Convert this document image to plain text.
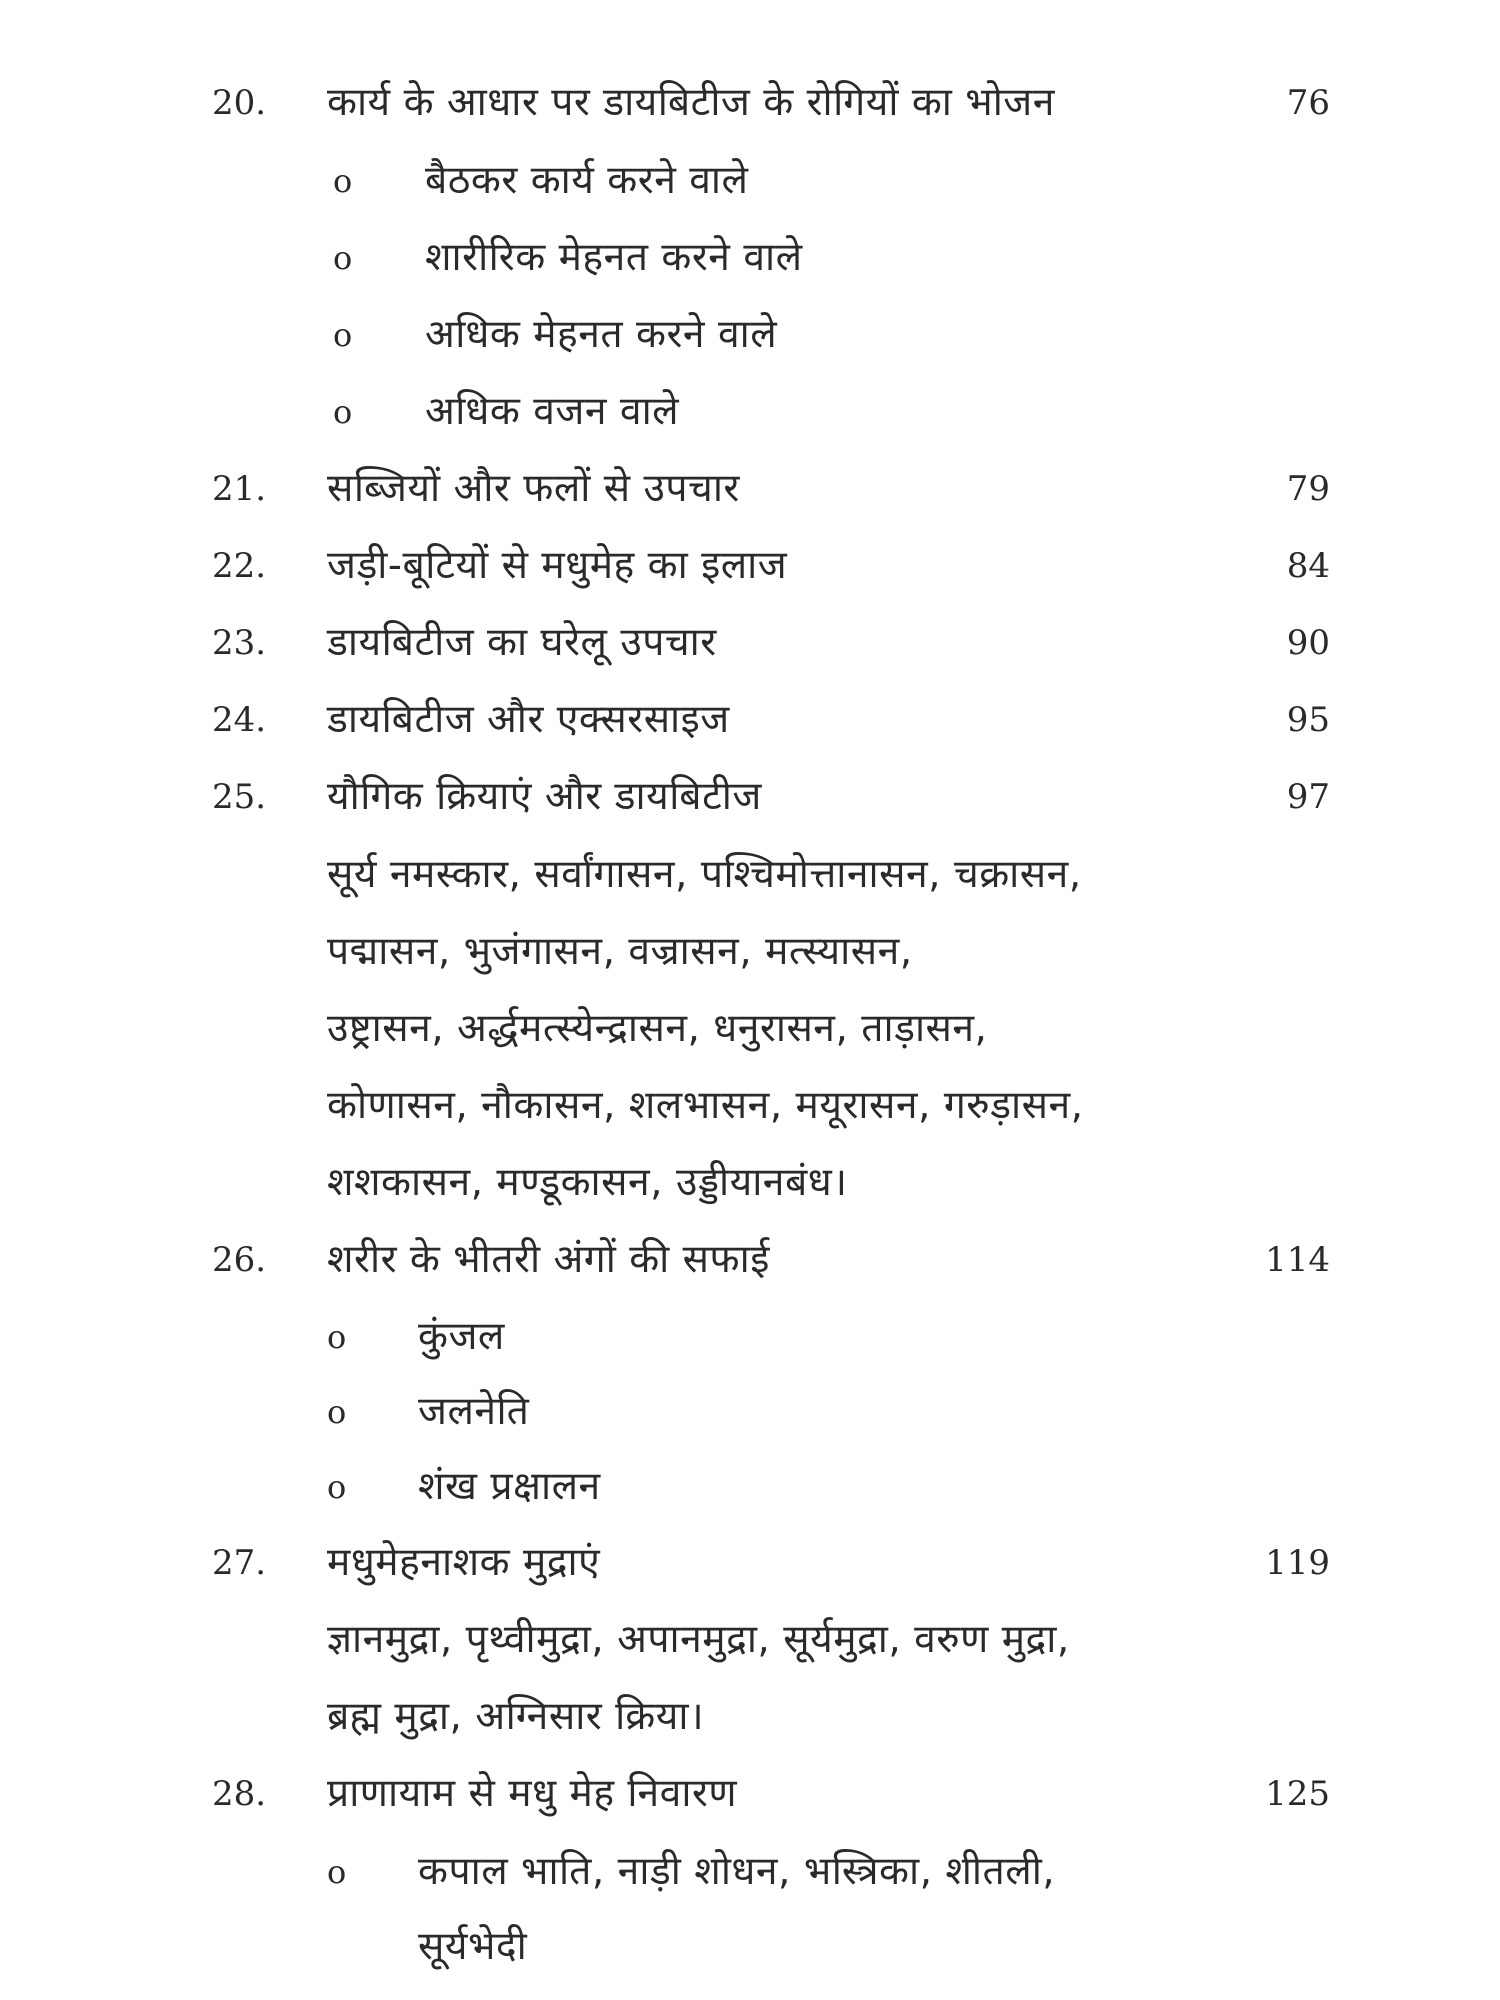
20. कार्य के आधार पर डायबिटीज के रोगियों का भोजन	76
o बैठकर कार्य करने वाले
o शारीरिक मेहनत करने वाले
o अधिक मेहनत करने वाले
o अधिक वजन वाले
21. सब्जियों और फलों से उपचार	79
22. जड़ी-बूटियों से मधुमेह का इलाज	84
23. डायबिटीज का घरेलू उपचार	90
24. डायबिटीज और एक्सरसाइज	95
25. यौगिक क्रियाएं और डायबिटीज	97
सूर्य नमस्कार, सर्वांगासन, पश्चिमोत्तानासन, चक्रासन,
पद्मासन, भुजंगासन, वज्रासन, मत्स्यासन,
उष्ट्रासन, अर्द्धमत्स्येन्द्रासन, धनुरासन, ताड़ासन,
कोणासन, नौकासन, शलभासन, मयूरासन, गरुड़ासन,
शशकासन, मण्डूकासन, उड्डीयानबंध।
26. शरीर के भीतरी अंगों की सफाई	114
o कुंजल
o जलनेति
o शंख प्रक्षालन
27. मधुमेहनाशक मुद्राएं	119
ज्ञानमुद्रा, पृथ्वीमुद्रा, अपानमुद्रा, सूर्यमुद्रा, वरुण मुद्रा,
ब्रह्म मुद्रा, अग्निसार क्रिया।
28. प्राणायाम से मधु मेह निवारण	125
o कपाल भाति, नाड़ी शोधन, भस्त्रिका, शीतली,
सूर्यभेदी
